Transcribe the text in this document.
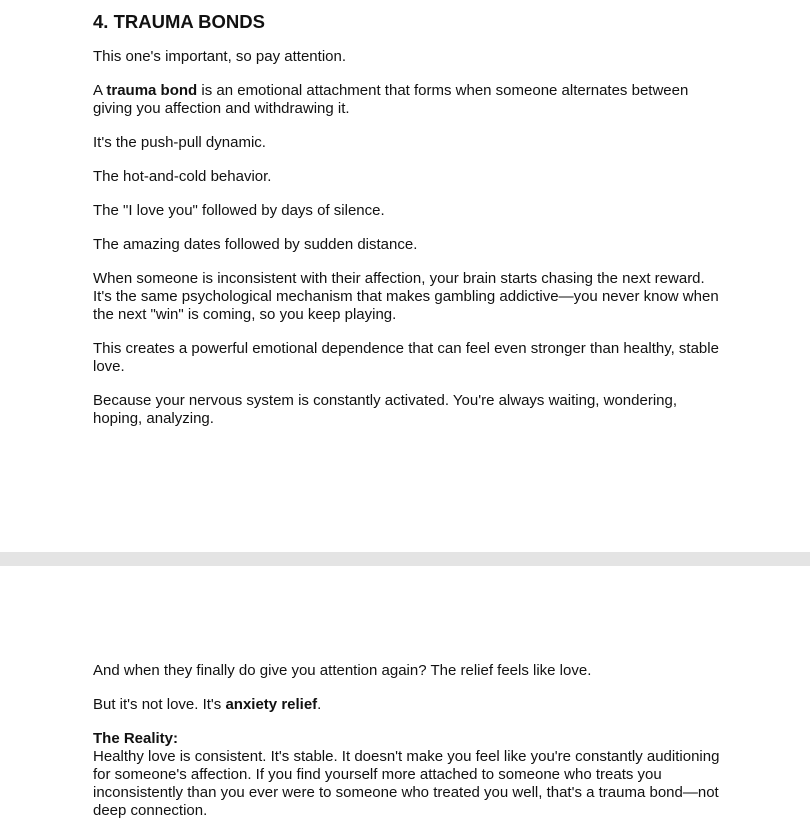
4. TRAUMA BONDS

This one's important, so pay attention.

A trauma bond is an emotional attachment that forms when someone alternates between giving you affection and withdrawing it.

It's the push-pull dynamic.

The hot-and-cold behavior.

The "I love you" followed by days of silence.

The amazing dates followed by sudden distance.

When someone is inconsistent with their affection, your brain starts chasing the next reward. It's the same psychological mechanism that makes gambling addictive—you never know when the next "win" is coming, so you keep playing.

This creates a powerful emotional dependence that can feel even stronger than healthy, stable love.

Because your nervous system is constantly activated. You're always waiting, wondering, hoping, analyzing.

And when they finally do give you attention again? The relief feels like love.

But it's not love. It's anxiety relief.

The Reality:
Healthy love is consistent. It's stable. It doesn't make you feel like you're constantly auditioning for someone's affection. If you find yourself more attached to someone who treats you inconsistently than you ever were to someone who treated you well, that's a trauma bond—not deep connection.
